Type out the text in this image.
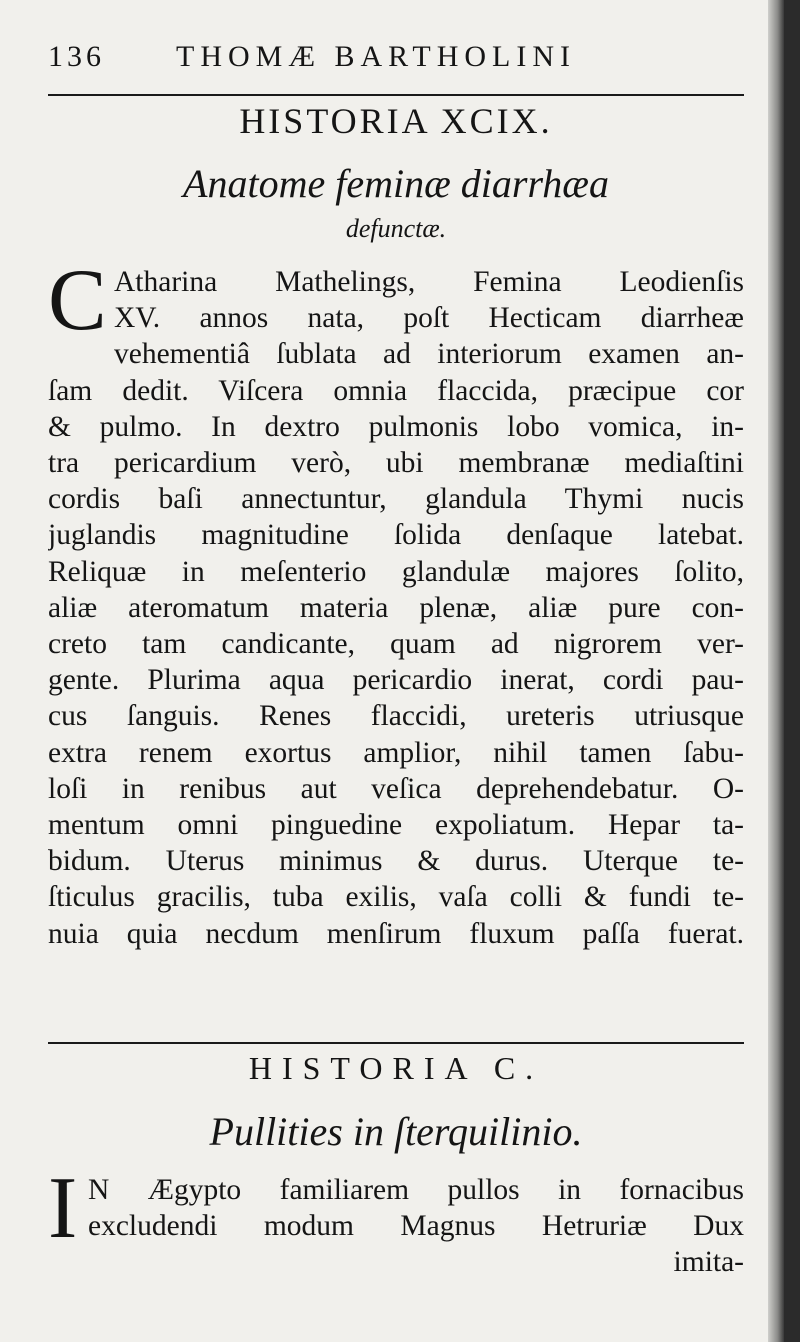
136 THOMÆ BARTHOLINI
HISTORIA XCIX.
Anatome feminæ diarrhæa
defunctæ.
C Atharina Mathelings, Femina Leodienſis
XV. annos nata, poſt Hecticam diarrheæ
vehementiâ ſublata ad interiorum examen an-
ſam dedit. Viſcera omnia flaccida, præcipue cor
& pulmo. In dextro pulmonis lobo vomica, in-
tra pericardium verò, ubi membranæ mediaſtini
cordis baſi annectuntur, glandula Thymi nucis
juglandis magnitudine ſolida denſaque latebat.
Reliquæ in meſenterio glandulæ majores ſolito,
aliæ ateromatum materia plenæ, aliæ pure con-
creto tam candicante, quam ad nigrorem ver-
gente. Plurima aqua pericardio inerat, cordi pau-
cus ſanguis. Renes flaccidi, ureteris utriusque
extra renem exortus amplior, nihil tamen ſabu-
loſi in renibus aut veſica deprehendebatur. O-
mentum omni pinguedine expoliatum. Hepar ta-
bidum. Uterus minimus & durus. Uterque te-
ſticulus gracilis, tuba exilis, vaſa colli & fundi te-
nuia quia necdum menſirum fluxum paſſa fuerat.
HISTORIA C.
Pullities in ſterquilinio.
I N Ægypto familiarem pullos in fornacibus
excludendi modum Magnus Hetruriæ Dux
imita-
